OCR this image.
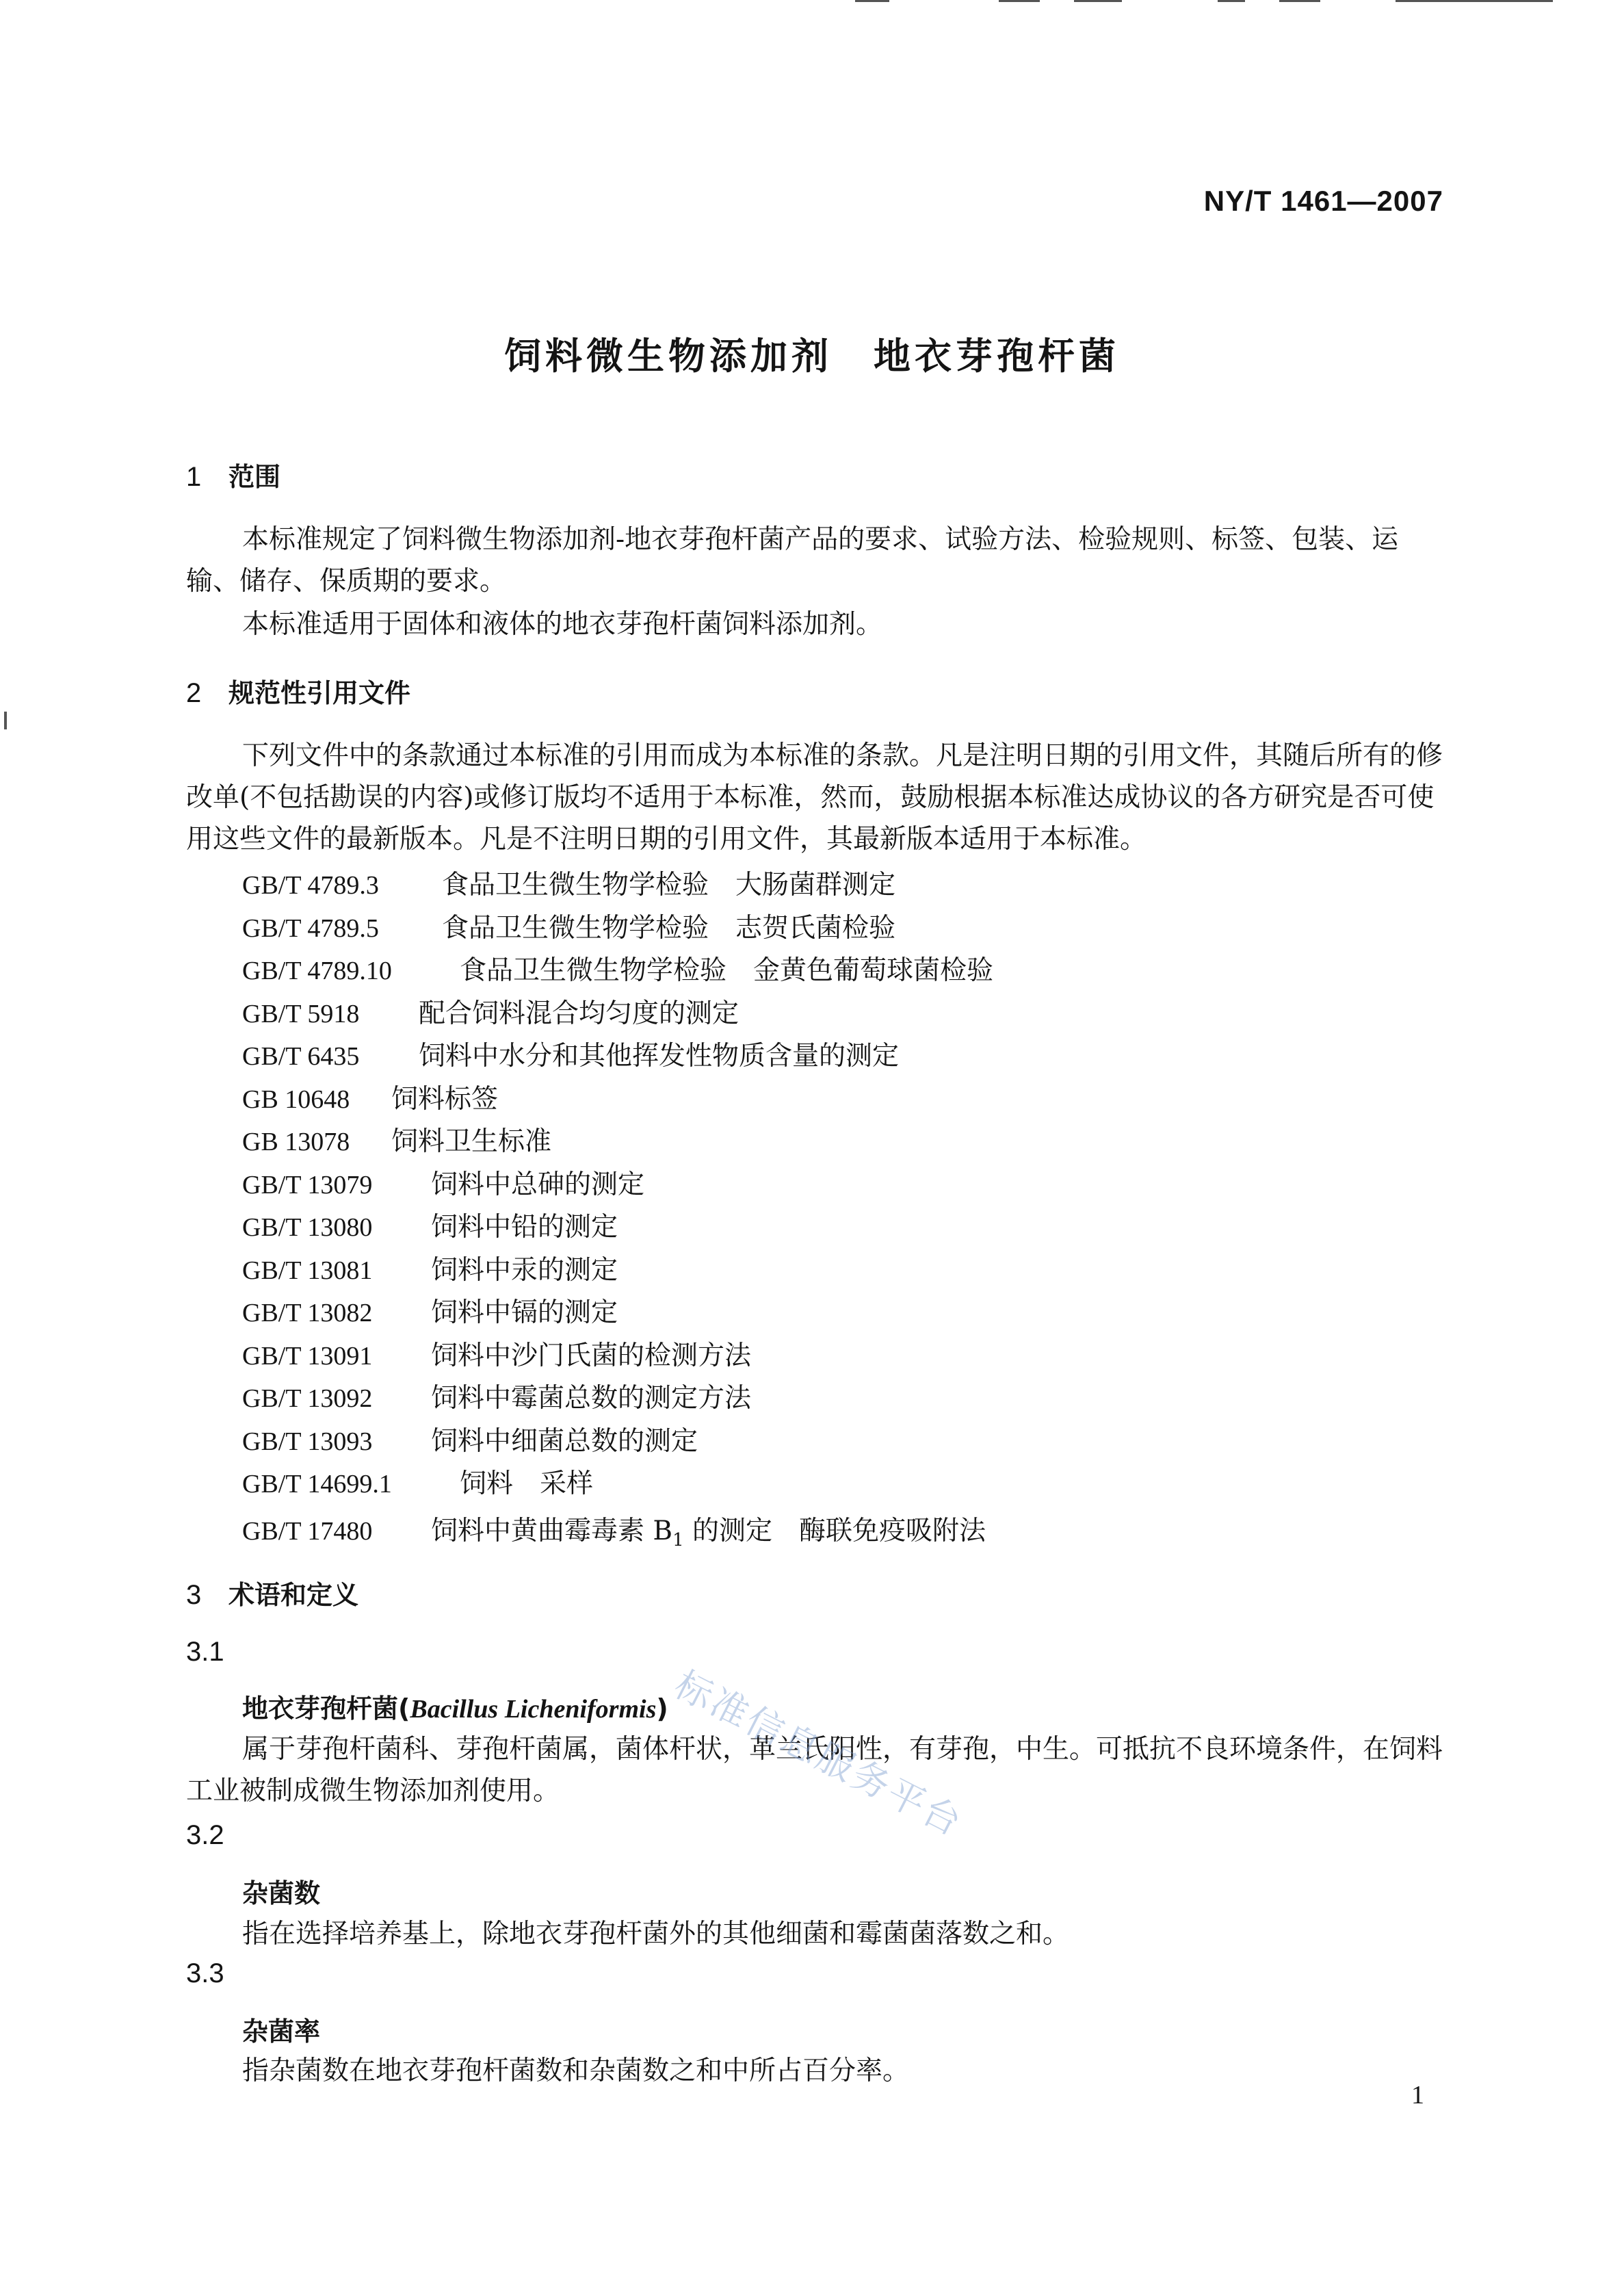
NY/T 1461—2007
饲料微生物添加剂　地衣芽孢杆菌
1 范围
本标准规定了饲料微生物添加剂-地衣芽孢杆菌产品的要求、试验方法、检验规则、标签、包装、运输、储存、保质期的要求。
本标准适用于固体和液体的地衣芽孢杆菌饲料添加剂。
2 规范性引用文件
下列文件中的条款通过本标准的引用而成为本标准的条款。凡是注明日期的引用文件，其随后所有的修改单(不包括勘误的内容)或修订版均不适用于本标准，然而，鼓励根据本标准达成协议的各方研究是否可使用这些文件的最新版本。凡是不注明日期的引用文件，其最新版本适用于本标准。
GB/T 4789.3 食品卫生微生物学检验　大肠菌群测定
GB/T 4789.5 食品卫生微生物学检验　志贺氏菌检验
GB/T 4789.10	食品卫生微生物学检验　金黄色葡萄球菌检验
GB/T 5918 配合饲料混合均匀度的测定
GB/T 6435 饲料中水分和其他挥发性物质含量的测定
GB 10648 饲料标签
GB 13078 饲料卫生标准
GB/T 13079 饲料中总砷的测定
GB/T 13080 饲料中铅的测定
GB/T 13081 饲料中汞的测定
GB/T 13082 饲料中镉的测定
GB/T 13091 饲料中沙门氏菌的检测方法
GB/T 13092 饲料中霉菌总数的测定方法
GB/T 13093 饲料中细菌总数的测定
GB/T 14699.1	饲料　采样
GB/T 17480 饲料中黄曲霉毒素 $B_1$ 的测定　酶联免疫吸附法
3 术语和定义
3.1
地衣芽孢杆菌(Bacillus Licheniformis)
属于芽孢杆菌科、芽孢杆菌属，菌体杆状，革兰氏阳性，有芽孢，中生。可抵抗不良环境条件，在饲料工业被制成微生物添加剂使用。
3.2
杂菌数
指在选择培养基上，除地衣芽孢杆菌外的其他细菌和霉菌菌落数之和。
3.3
杂菌率
指杂菌数在地衣芽孢杆菌数和杂菌数之和中所占百分率。
标准信息服务平台
1
